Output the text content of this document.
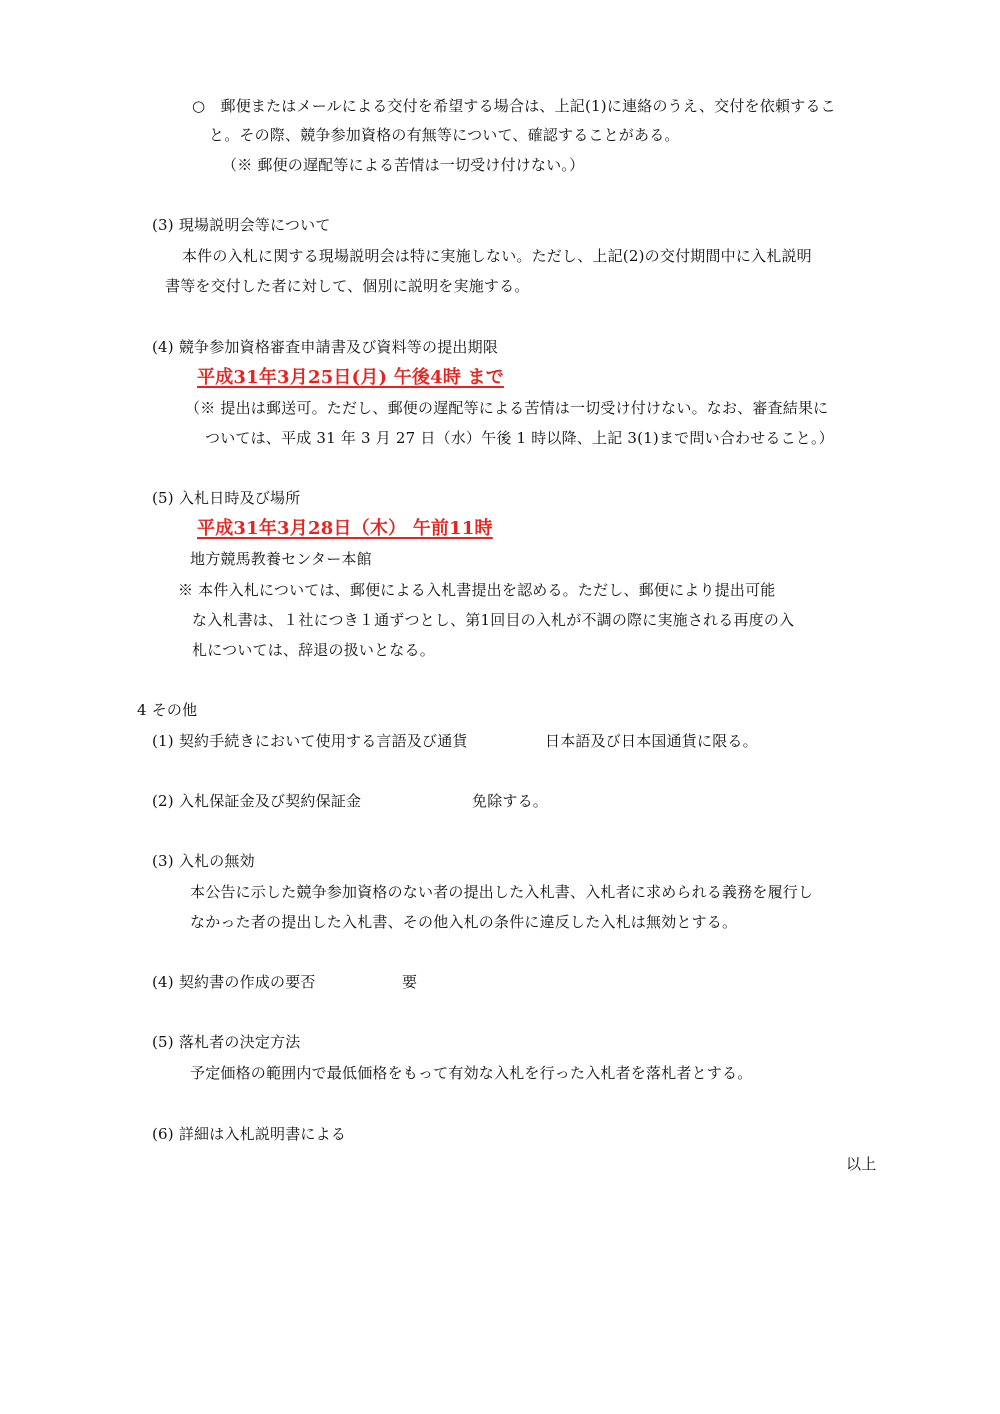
○　郵便またはメールによる交付を希望する場合は、上記(1)に連絡のうえ、交付を依頼するこ
と。その際、競争参加資格の有無等について、確認することがある。
（※ 郵便の遅配等による苦情は一切受け付けない。）
(3) 現場説明会等について
本件の入札に関する現場説明会は特に実施しない。ただし、上記(2)の交付期間中に入札説明
書等を交付した者に対して、個別に説明を実施する。
(4) 競争参加資格審査申請書及び資料等の提出期限
平成31年3月25日(月) 午後4時 まで
（※ 提出は郵送可。ただし、郵便の遅配等による苦情は一切受け付けない。なお、審査結果に
ついては、平成 31 年 3 月 27 日（水）午後 1 時以降、上記 3(1)まで問い合わせること。）
(5) 入札日時及び場所
平成31年3月28日（木） 午前11時
地方競馬教養センター本館
※ 本件入札については、郵便による入札書提出を認める。ただし、郵便により提出可能
な入札書は、１社につき１通ずつとし、第1回目の入札が不調の際に実施される再度の入
札については、辞退の扱いとなる。
4 その他
(1) 契約手続きにおいて使用する言語及び通貨	日本語及び日本国通貨に限る。
(2) 入札保証金及び契約保証金	免除する。
(3) 入札の無効
本公告に示した競争参加資格のない者の提出した入札書、入札者に求められる義務を履行し
なかった者の提出した入札書、その他入札の条件に違反した入札は無効とする。
(4) 契約書の作成の要否	要
(5) 落札者の決定方法
予定価格の範囲内で最低価格をもって有効な入札を行った入札者を落札者とする。
(6) 詳細は入札説明書による
以上
